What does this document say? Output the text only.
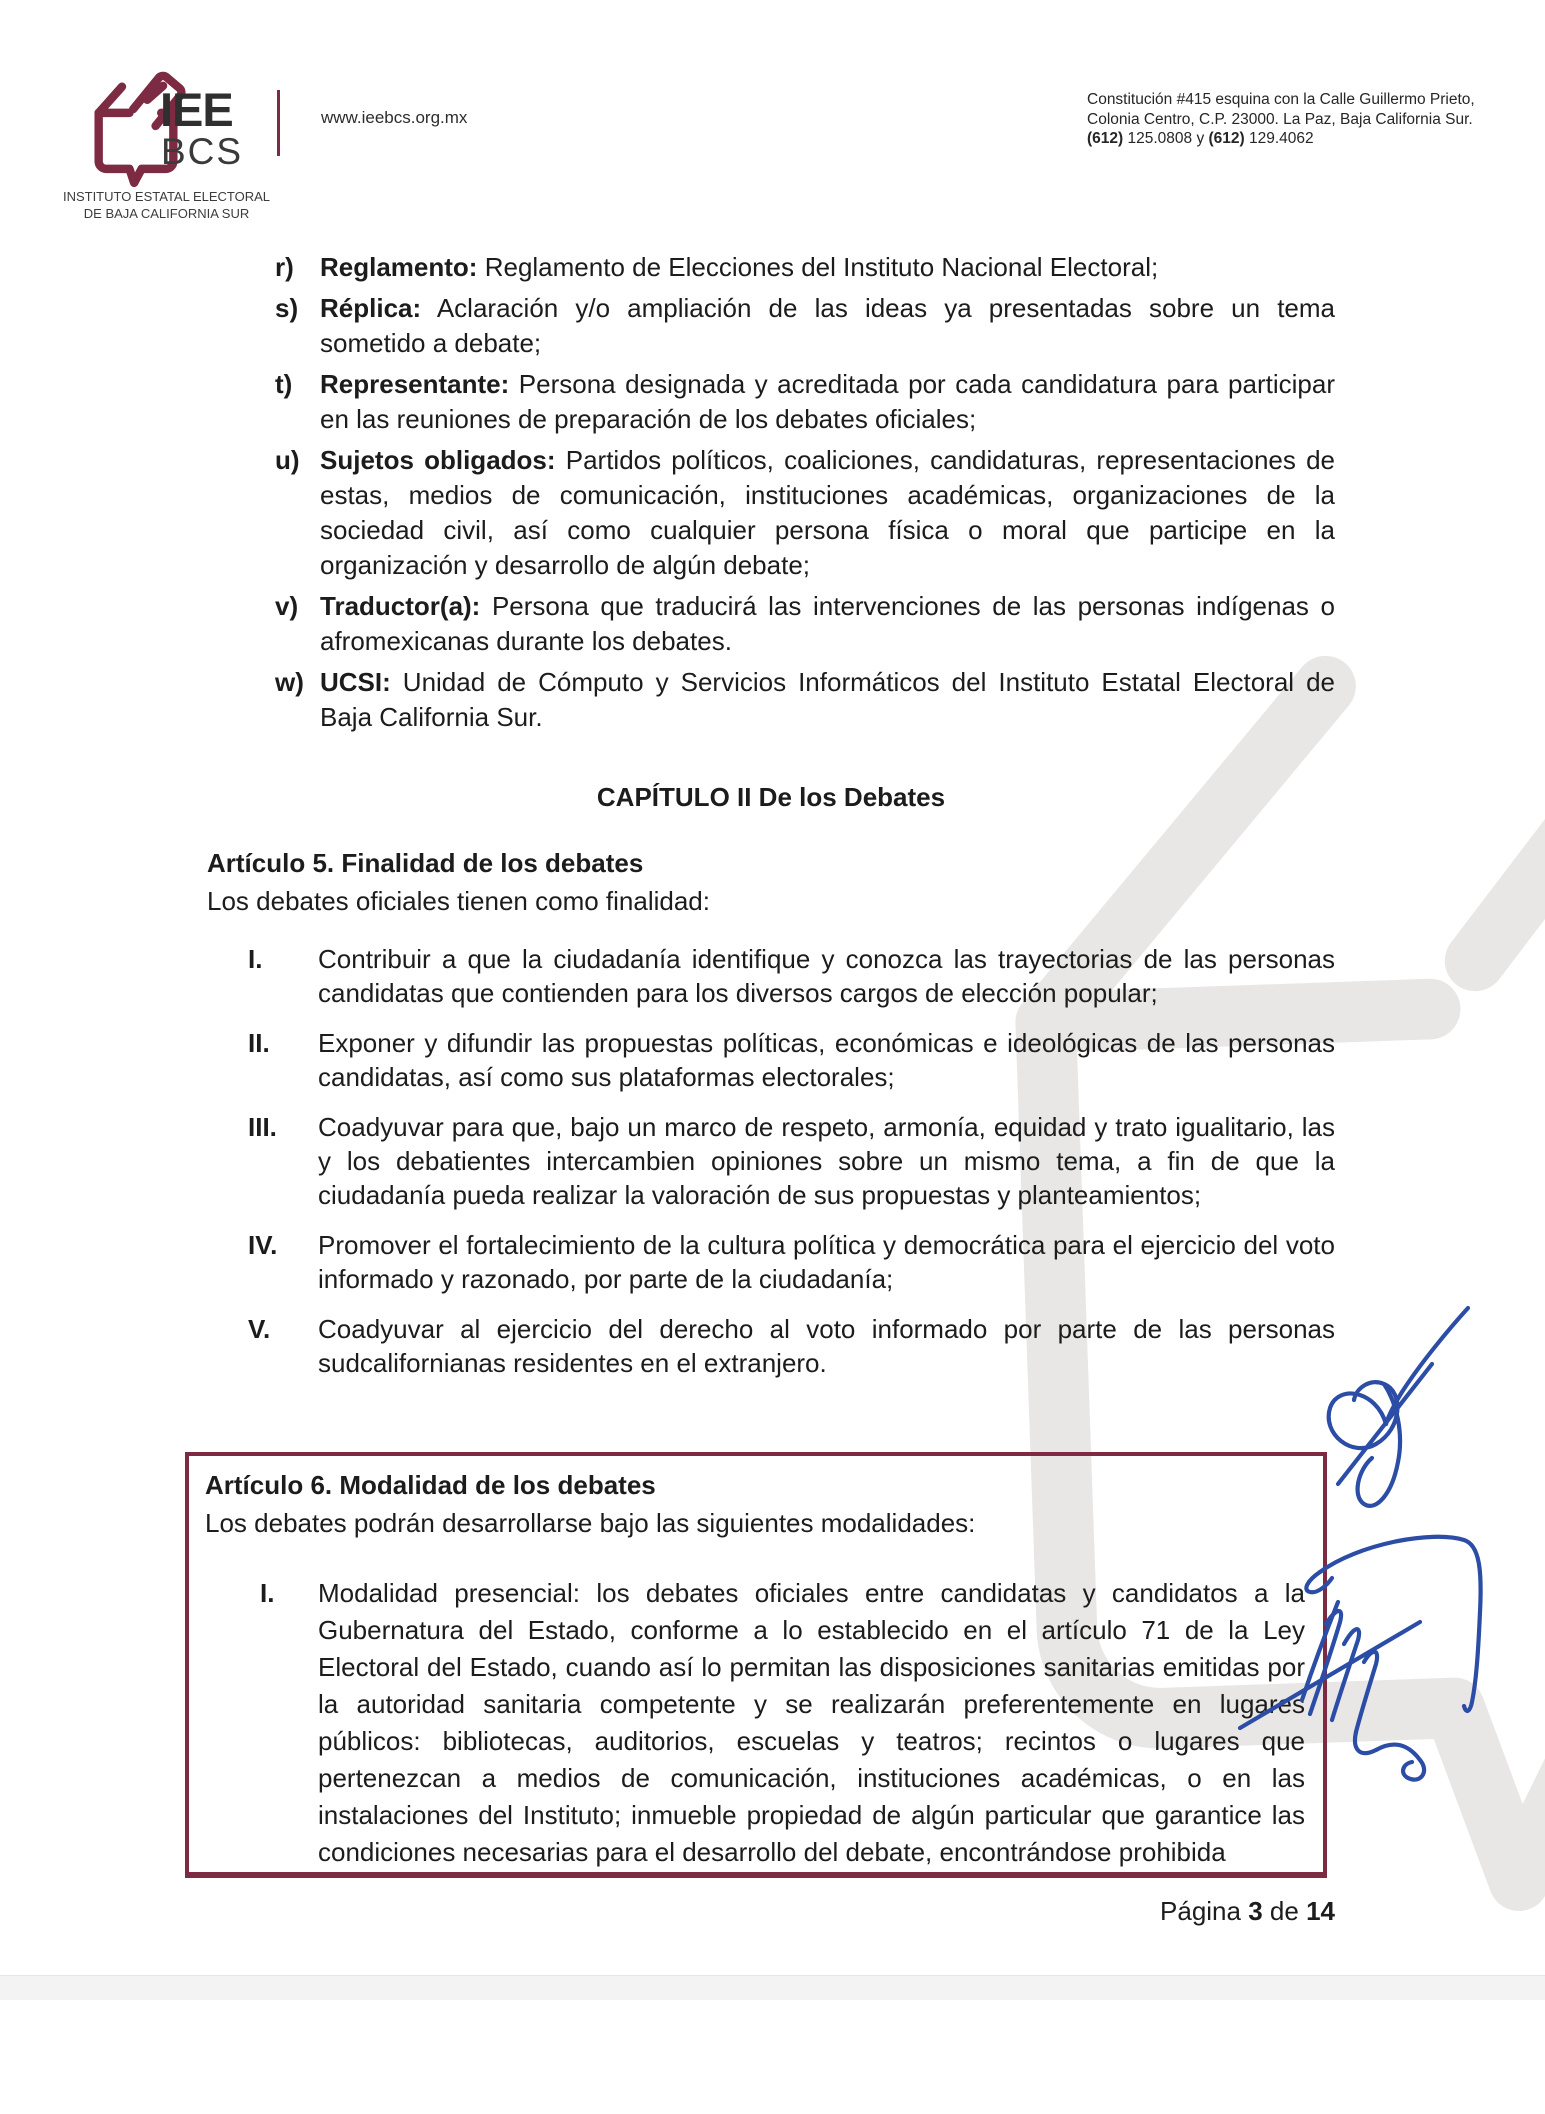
IEE
BCS
INSTITUTO ESTATAL ELECTORAL
DE BAJA CALIFORNIA SUR
www.ieebcs.org.mx
Constitución #415 esquina con la Calle Guillermo Prieto,
Colonia Centro, C.P. 23000. La Paz, Baja California Sur.
(612) 125.0808 y (612) 129.4062
r) Reglamento: Reglamento de Elecciones del Instituto Nacional Electoral;
s) Réplica: Aclaración y/o ampliación de las ideas ya presentadas sobre un tema sometido a debate;
t) Representante: Persona designada y acreditada por cada candidatura para participar en las reuniones de preparación de los debates oficiales;
u) Sujetos obligados: Partidos políticos, coaliciones, candidaturas, representaciones de estas, medios de comunicación, instituciones académicas, organizaciones de la sociedad civil, así como cualquier persona física o moral que participe en la organización y desarrollo de algún debate;
v) Traductor(a): Persona que traducirá las intervenciones de las personas indígenas o afromexicanas durante los debates.
w) UCSI: Unidad de Cómputo y Servicios Informáticos del Instituto Estatal Electoral de Baja California Sur.
CAPÍTULO II De los Debates
Artículo 5. Finalidad de los debates
Los debates oficiales tienen como finalidad:
I. Contribuir a que la ciudadanía identifique y conozca las trayectorias de las personas candidatas que contienden para los diversos cargos de elección popular;
II. Exponer y difundir las propuestas políticas, económicas e ideológicas de las personas candidatas, así como sus plataformas electorales;
III. Coadyuvar para que, bajo un marco de respeto, armonía, equidad y trato igualitario, las y los debatientes intercambien opiniones sobre un mismo tema, a fin de que la ciudadanía pueda realizar la valoración de sus propuestas y planteamientos;
IV. Promover el fortalecimiento de la cultura política y democrática para el ejercicio del voto informado y razonado, por parte de la ciudadanía;
V. Coadyuvar al ejercicio del derecho al voto informado por parte de las personas sudcalifornianas residentes en el extranjero.
Artículo 6. Modalidad de los debates
Los debates podrán desarrollarse bajo las siguientes modalidades:
I. Modalidad presencial: los debates oficiales entre candidatas y candidatos a la Gubernatura del Estado, conforme a lo establecido en el artículo 71 de la Ley Electoral del Estado, cuando así lo permitan las disposiciones sanitarias emitidas por la autoridad sanitaria competente y se realizarán preferentemente en lugares públicos: bibliotecas, auditorios, escuelas y teatros; recintos o lugares que pertenezcan a medios de comunicación, instituciones académicas, o en las instalaciones del Instituto; inmueble propiedad de algún particular que garantice las condiciones necesarias para el desarrollo del debate, encontrándose prohibida
Página 3 de 14
